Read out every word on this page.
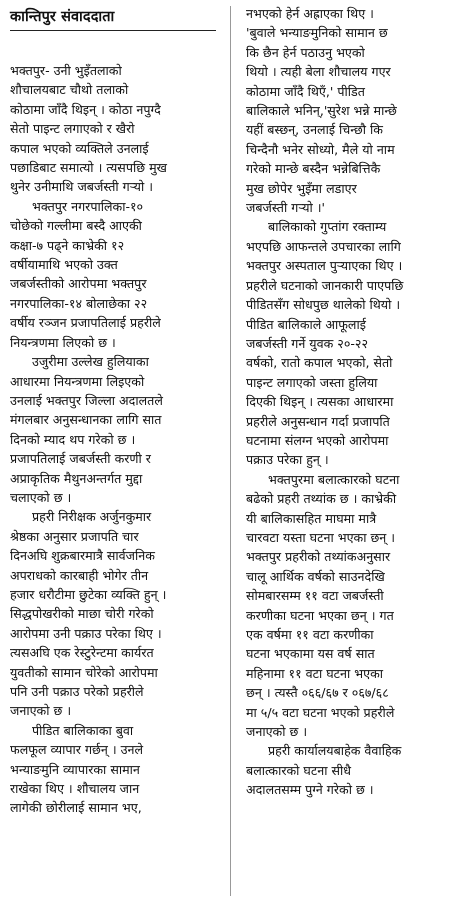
कान्तिपुर संवाददाता
भक्तपुर- उनी भुइँतलाको
शौचालयबाट चौथो तलाको
कोठामा जाँदै थिइन् । कोठा नपुग्दै
सेतो पाइन्ट लगाएको र खैरो
कपाल भएको व्यक्तिले उनलाई
पछाडिबाट समात्यो । त्यसपछि मुख
थुनेर उनीमाथि जबर्जस्ती गर्‍यो ।
भक्तपुर नगरपालिका-१०
चोछेको गल्लीमा बस्दै आएकी
कक्षा-७ पढ्ने काभ्रेकी १२
वर्षीयामाथि भएको उक्त
जबर्जस्तीको आरोपमा भक्तपुर
नगरपालिका-१४ बोलाछेका २२
वर्षीय रञ्जन प्रजापतिलाई प्रहरीले
नियन्त्रणमा लिएको छ ।
उजुरीमा उल्लेख हुलियाका
आधारमा नियन्त्रणमा लिइएको
उनलाई भक्तपुर जिल्ला अदालतले
मंगलबार अनुसन्धानका लागि सात
दिनको म्याद थप गरेको छ ।
प्रजापतिलाई जबर्जस्ती करणी र
अप्राकृतिक मैथुनअन्तर्गत मुद्दा
चलाएको छ ।
प्रहरी निरीक्षक अर्जुनकुमार
श्रेष्ठका अनुसार प्रजापति चार
दिनअघि शुक्रबारमात्रै सार्वजनिक
अपराधको कारबाही भोगेर तीन
हजार धरौटीमा छुटेका व्यक्ति हुन् ।
सिद्धपोखरीको माछा चोरी गरेको
आरोपमा उनी पक्राउ परेका थिए ।
त्यसअघि एक रेस्टुरेन्टमा कार्यरत
युवतीको सामान चोरेको आरोपमा
पनि उनी पक्राउ परेको प्रहरीले
जनाएको छ ।
पीडित बालिकाका बुवा
फलफूल व्यापार गर्छन् । उनले
भन्याङमुनि व्यापारका सामान
राखेका थिए । शौचालय जान
लागेकी छोरीलाई सामान भए,
नभएको हेर्न अह्राएका थिए ।
'बुवाले भन्याङमुनिको सामान छ
कि छैन हेर्न पठाउनु भएको
थियो । त्यही बेला शौचालय गएर
कोठामा जाँदै थिएँ,' पीडित
बालिकाले भनिन्,'सुरेश भन्ने मान्छे
यहीं बस्छन्, उनलाई चिन्छौ कि
चिन्दैनौ भनेर सोध्यो, मैले यो नाम
गरेको मान्छे बस्दैन भन्नेबित्तिकै
मुख छोपेर भुइँमा लडाएर
जबर्जस्ती गर्‍यो ।'
बालिकाको गुप्तांग रक्ताम्य
भएपछि आफन्तले उपचारका लागि
भक्तपुर अस्पताल पुर्‍याएका थिए ।
प्रहरीले घटनाको जानकारी पाएपछि
पीडितसँग सोधपुछ थालेको थियो ।
पीडित बालिकाले आफूलाई
जबर्जस्ती गर्ने युवक २०-२२
वर्षको, रातो कपाल भएको, सेतो
पाइन्ट लगाएको जस्ता हुलिया
दिएकी थिइन् । त्यसका आधारमा
प्रहरीले अनुसन्धान गर्दा प्रजापति
घटनामा संलग्न भएको आरोपमा
पक्राउ परेका हुन् ।
भक्तपुरमा बलात्कारको घटना
बढेको प्रहरी तथ्यांक छ । काभ्रेकी
यी बालिकासहित माघमा मात्रै
चारवटा यस्ता घटना भएका छन् ।
भक्तपुर प्रहरीको तथ्यांकअनुसार
चालू आर्थिक वर्षको साउनदेखि
सोमबारसम्म ११ वटा जबर्जस्ती
करणीका घटना भएका छन् । गत
एक वर्षमा ११ वटा करणीका
घटना भएकामा यस वर्ष सात
महिनामा ११ वटा घटना भएका
छन् । त्यस्तै ०६६/६७ र ०६७/६८
मा ५/५ वटा घटना भएको प्रहरीले
जनाएको छ ।
प्रहरी कार्यालयबाहेक वैवाहिक
बलात्कारको घटना सीधै
अदालतसम्म पुग्ने गरेको छ ।
